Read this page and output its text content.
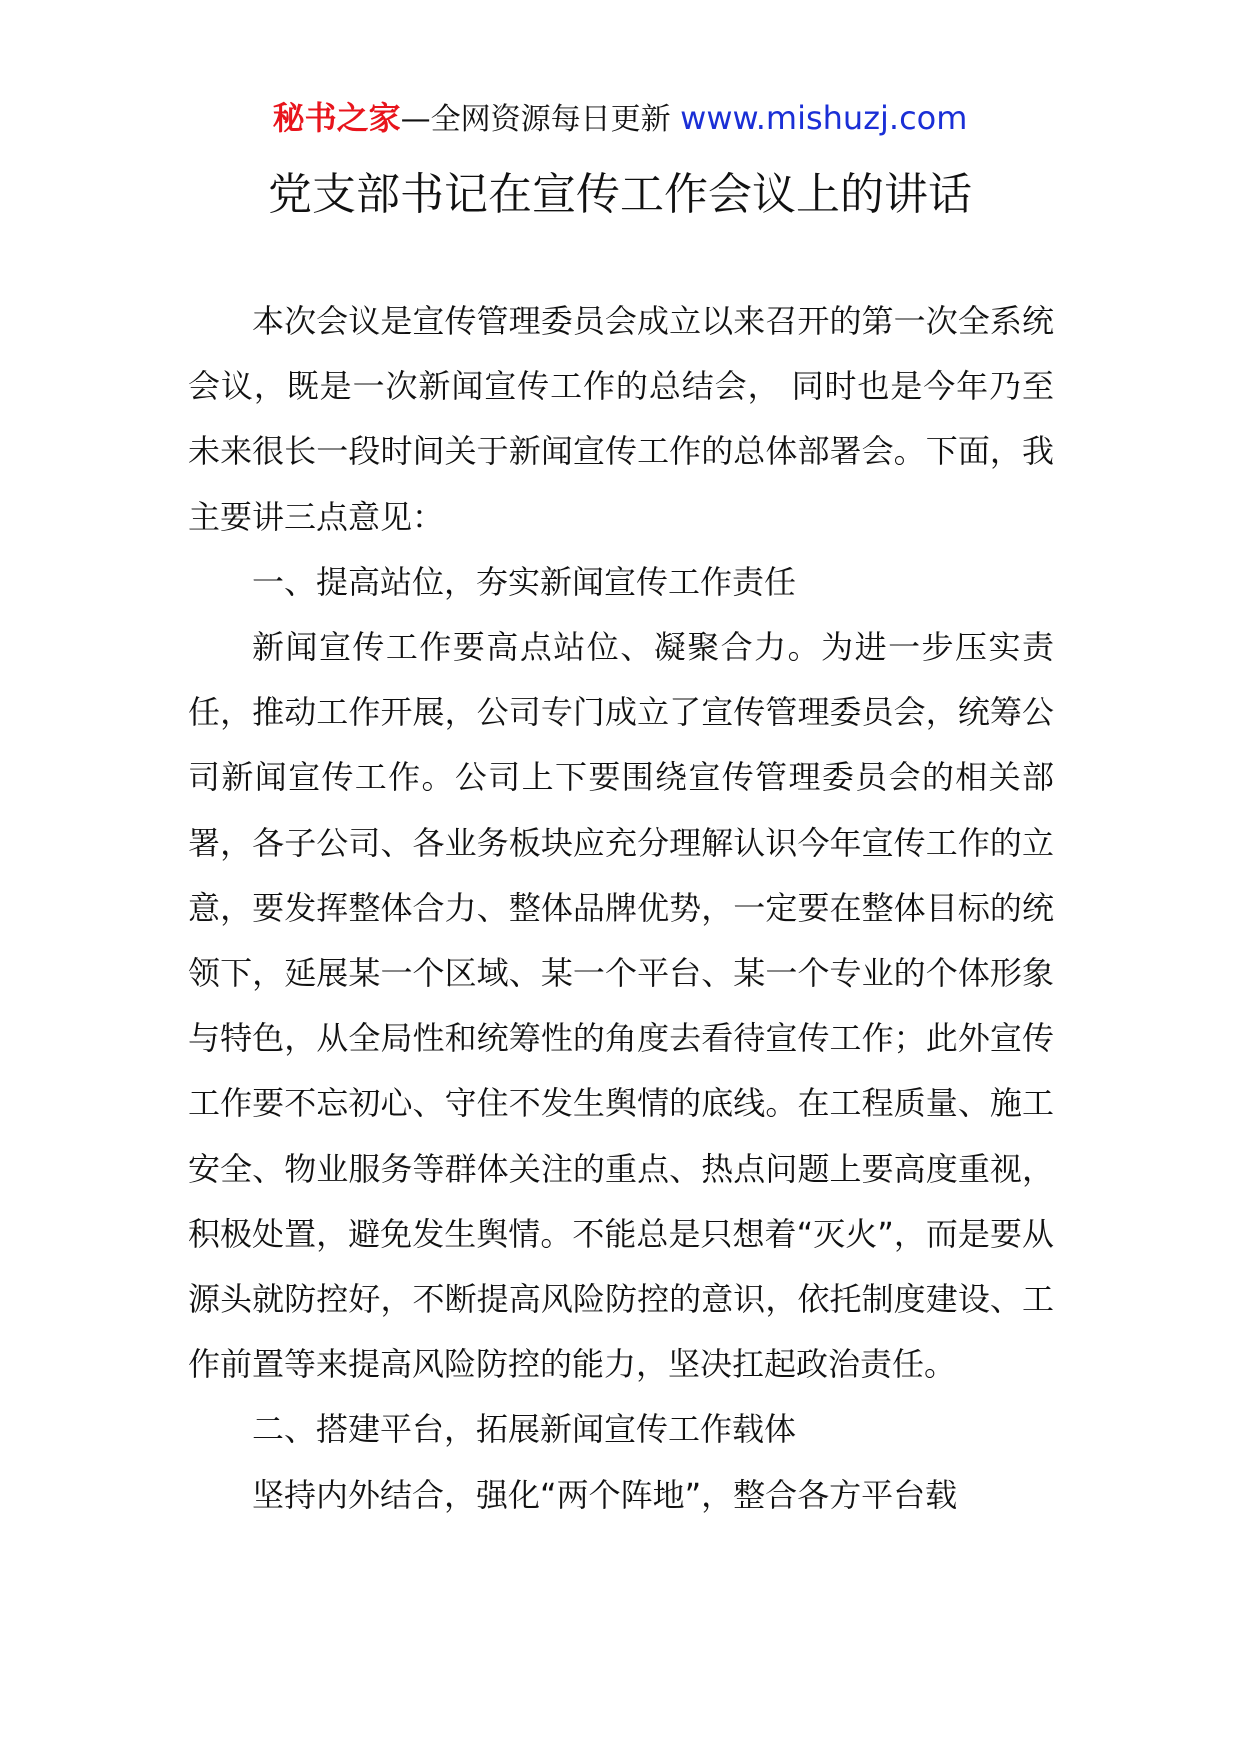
秘书之家—全网资源每日更新 www.mishuzj.com
党支部书记在宣传工作会议上的讲话

本次会议是宣传管理委员会成立以来召开的第一次全系统会议，既是一次新闻宣传工作的总结会， 同时也是今年乃至未来很长一段时间关于新闻宣传工作的总体部署会。下面，我主要讲三点意见：

一、提高站位，夯实新闻宣传工作责任

新闻宣传工作要高点站位、凝聚合力。为进一步压实责任，推动工作开展，公司专门成立了宣传管理委员会，统筹公司新闻宣传工作。公司上下要围绕宣传管理委员会的相关部署，各子公司、各业务板块应充分理解认识今年宣传工作的立意，要发挥整体合力、整体品牌优势，一定要在整体目标的统领下，延展某一个区域、某一个平台、某一个专业的个体形象与特色，从全局性和统筹性的角度去看待宣传工作；此外宣传工作要不忘初心、守住不发生舆情的底线。在工程质量、施工安全、物业服务等群体关注的重点、热点问题上要高度重视，积极处置，避免发生舆情。不能总是只想着“灭火”，而是要从源头就防控好，不断提高风险防控的意识，依托制度建设、工作前置等来提高风险防控的能力，坚决扛起政治责任。

二、搭建平台，拓展新闻宣传工作载体

坚持内外结合，强化“两个阵地”，整合各方平台载
